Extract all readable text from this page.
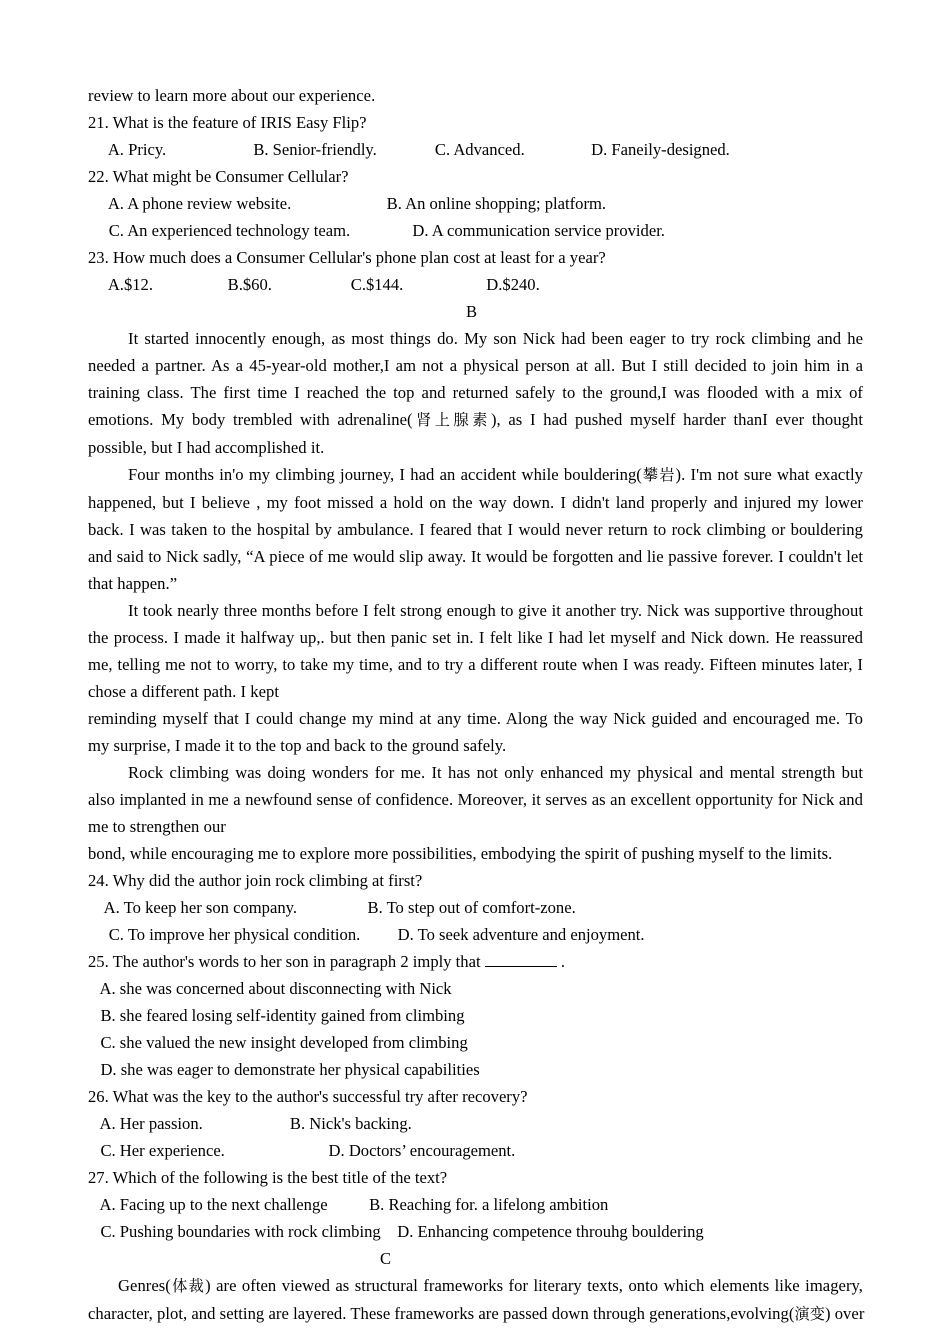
review to learn more about our experience.
21. What is the feature of IRIS Easy Flip?
A. Pricy.                     B. Senior-friendly.              C. Advanced.                D. Faneily-designed.
22. What might be Consumer Cellular?
A. A phone review website.                       B. An online shopping; platform.
C. An experienced technology team.               D. A communication service provider.
23. How much does a Consumer Cellular's phone plan cost at least for a year?
A.$12.                  B.$60.                   C.$144.                    D.$240.
B
It started innocently enough, as most things do. My son Nick had been eager to try rock climbing and he
needed a partner. As a 45-year-old mother,I am not a physical person at all. But I still decided to join him in a
training class. The first time I reached the top and returned safely to the ground,I was flooded with a mix of
emotions. My body trembled with adrenaline(肾上腺素), as I had pushed myself harder thanI ever thought
possible, but I had accomplished it.
Four months in'o my climbing journey, I had an accident while bouldering(攀岩). I'm not sure what exactly
happened, but I believe , my foot missed a hold on the way down. I didn't land properly and injured my lower
back. I was taken to the hospital by ambulance. I feared that I would never return to rock climbing or bouldering
and said to Nick sadly, “A piece of me would slip away. It would be forgotten and lie passive forever. I couldn't let
that happen.”
It took nearly three months before I felt strong enough to give it another try. Nick was supportive throughout
the process. I made it halfway up,. but then panic set in. I felt like I had let myself and Nick down. He reassured
me, telling me not to worry, to take my time, and to try a different route when I was ready. Fifteen minutes later, I
chose a different path. I kept
reminding myself that I could change my mind at any time. Along the way Nick guided and encouraged me. To
my surprise, I made it to the top and back to the ground safely.
Rock climbing was doing wonders for me. It has not only enhanced my physical and mental strength but
also implanted in me a newfound sense of confidence. Moreover, it serves as an excellent opportunity for Nick and
me to strengthen our
bond, while encouraging me to explore more possibilities, embodying the spirit of pushing myself to the limits.
24. Why did the author join rock climbing at first?
A. To keep her son company.                 B. To step out of comfort-zone.
C. To improve her physical condition.         D. To seek adventure and enjoyment.
25. The author's words to her son in paragraph 2 imply that	.
A. she was concerned about disconnecting with Nick
B. she feared losing self-identity gained from climbing
C. she valued the new insight developed from climbing
D. she was eager to demonstrate her physical capabilities
26. What was the key to the author's successful try after recovery?
A. Her passion.                     B. Nick's backing.
C. Her experience.                         D. Doctors’ encouragement.
27. Which of the following is the best title of the text?
A. Facing up to the next challenge          B. Reaching for. a lifelong ambition
C. Pushing boundaries with rock climbing    D. Enhancing competence throuhg bouldering
C
Genres(体裁) are often viewed as structural frameworks for literary texts, onto which elements like imagery,
character, plot, and setting are layered. These frameworks are passed down through generations,evolving(演变) over
